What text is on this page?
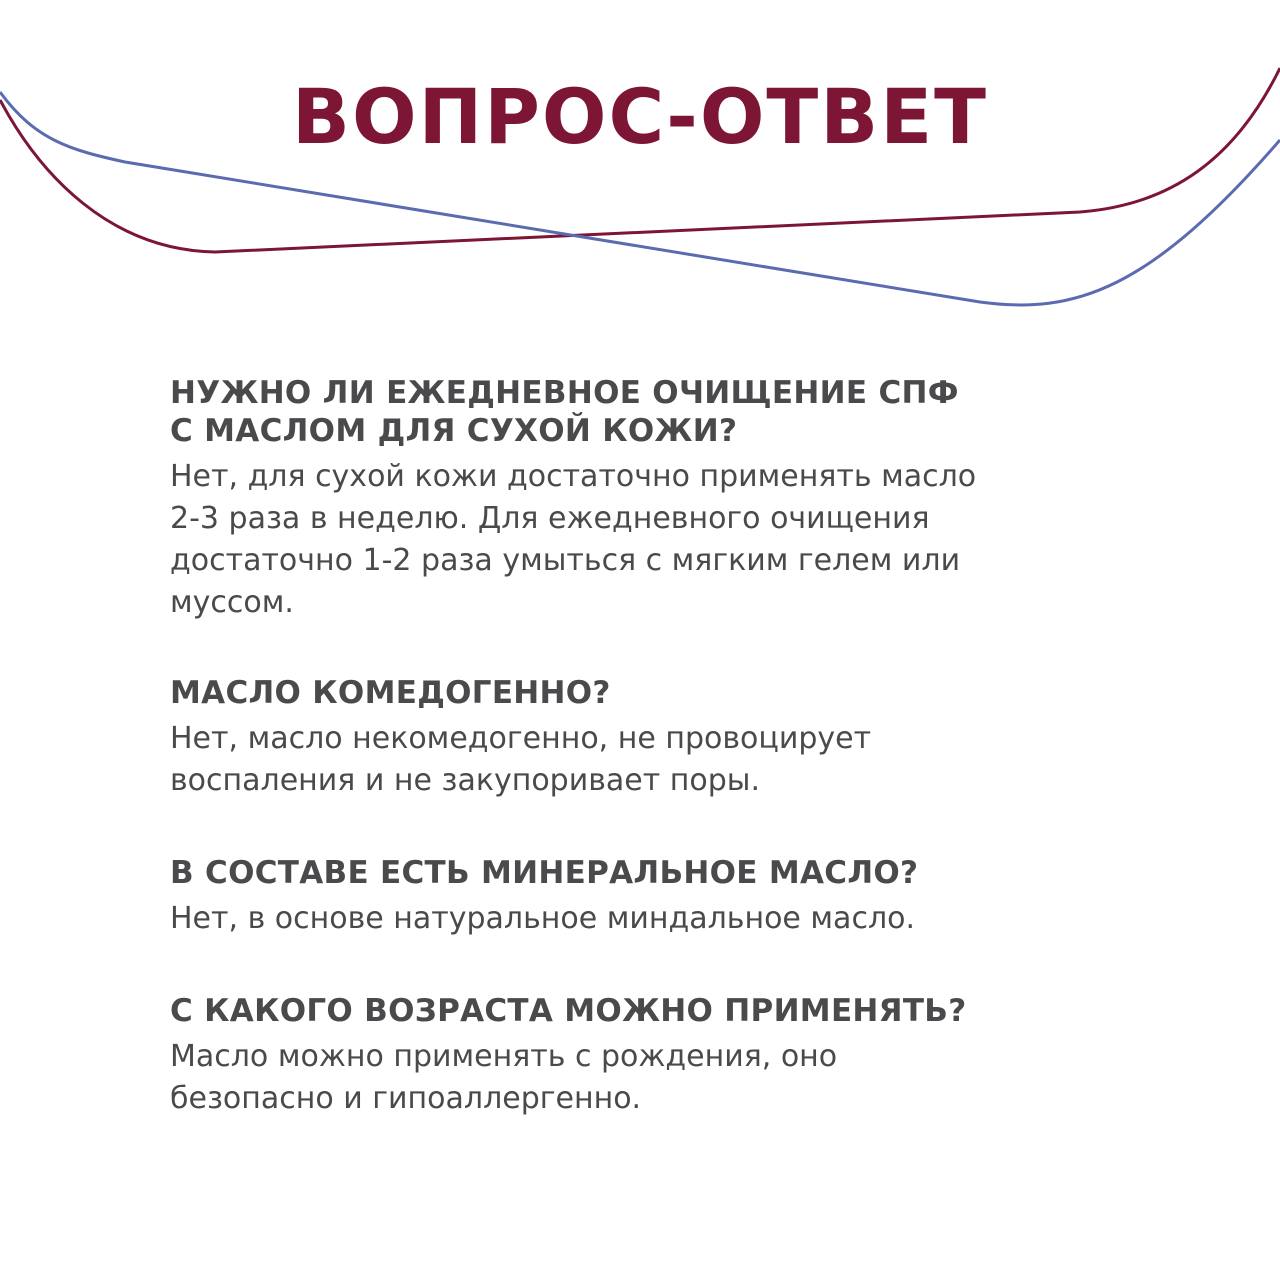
ВОПРОС-ОТВЕТ

НУЖНО ЛИ ЕЖЕДНЕВНОЕ ОЧИЩЕНИЕ СПФ
С МАСЛОМ ДЛЯ СУХОЙ КОЖИ?

Нет, для сухой кожи достаточно применять масло
2-3 раза в неделю. Для ежедневного очищения
достаточно 1-2 раза умыться с мягким гелем или
муссом.

МАСЛО КОМЕДОГЕННО?

Нет, масло некомедогенно, не провоцирует
воспаления и не закупоривает поры.

В СОСТАВЕ ЕСТЬ МИНЕРАЛЬНОЕ МАСЛО?

Нет, в основе натуральное миндальное масло.

С КАКОГО ВОЗРАСТА МОЖНО ПРИМЕНЯТЬ?

Масло можно применять с рождения, оно
безопасно и гипоаллергенно.
